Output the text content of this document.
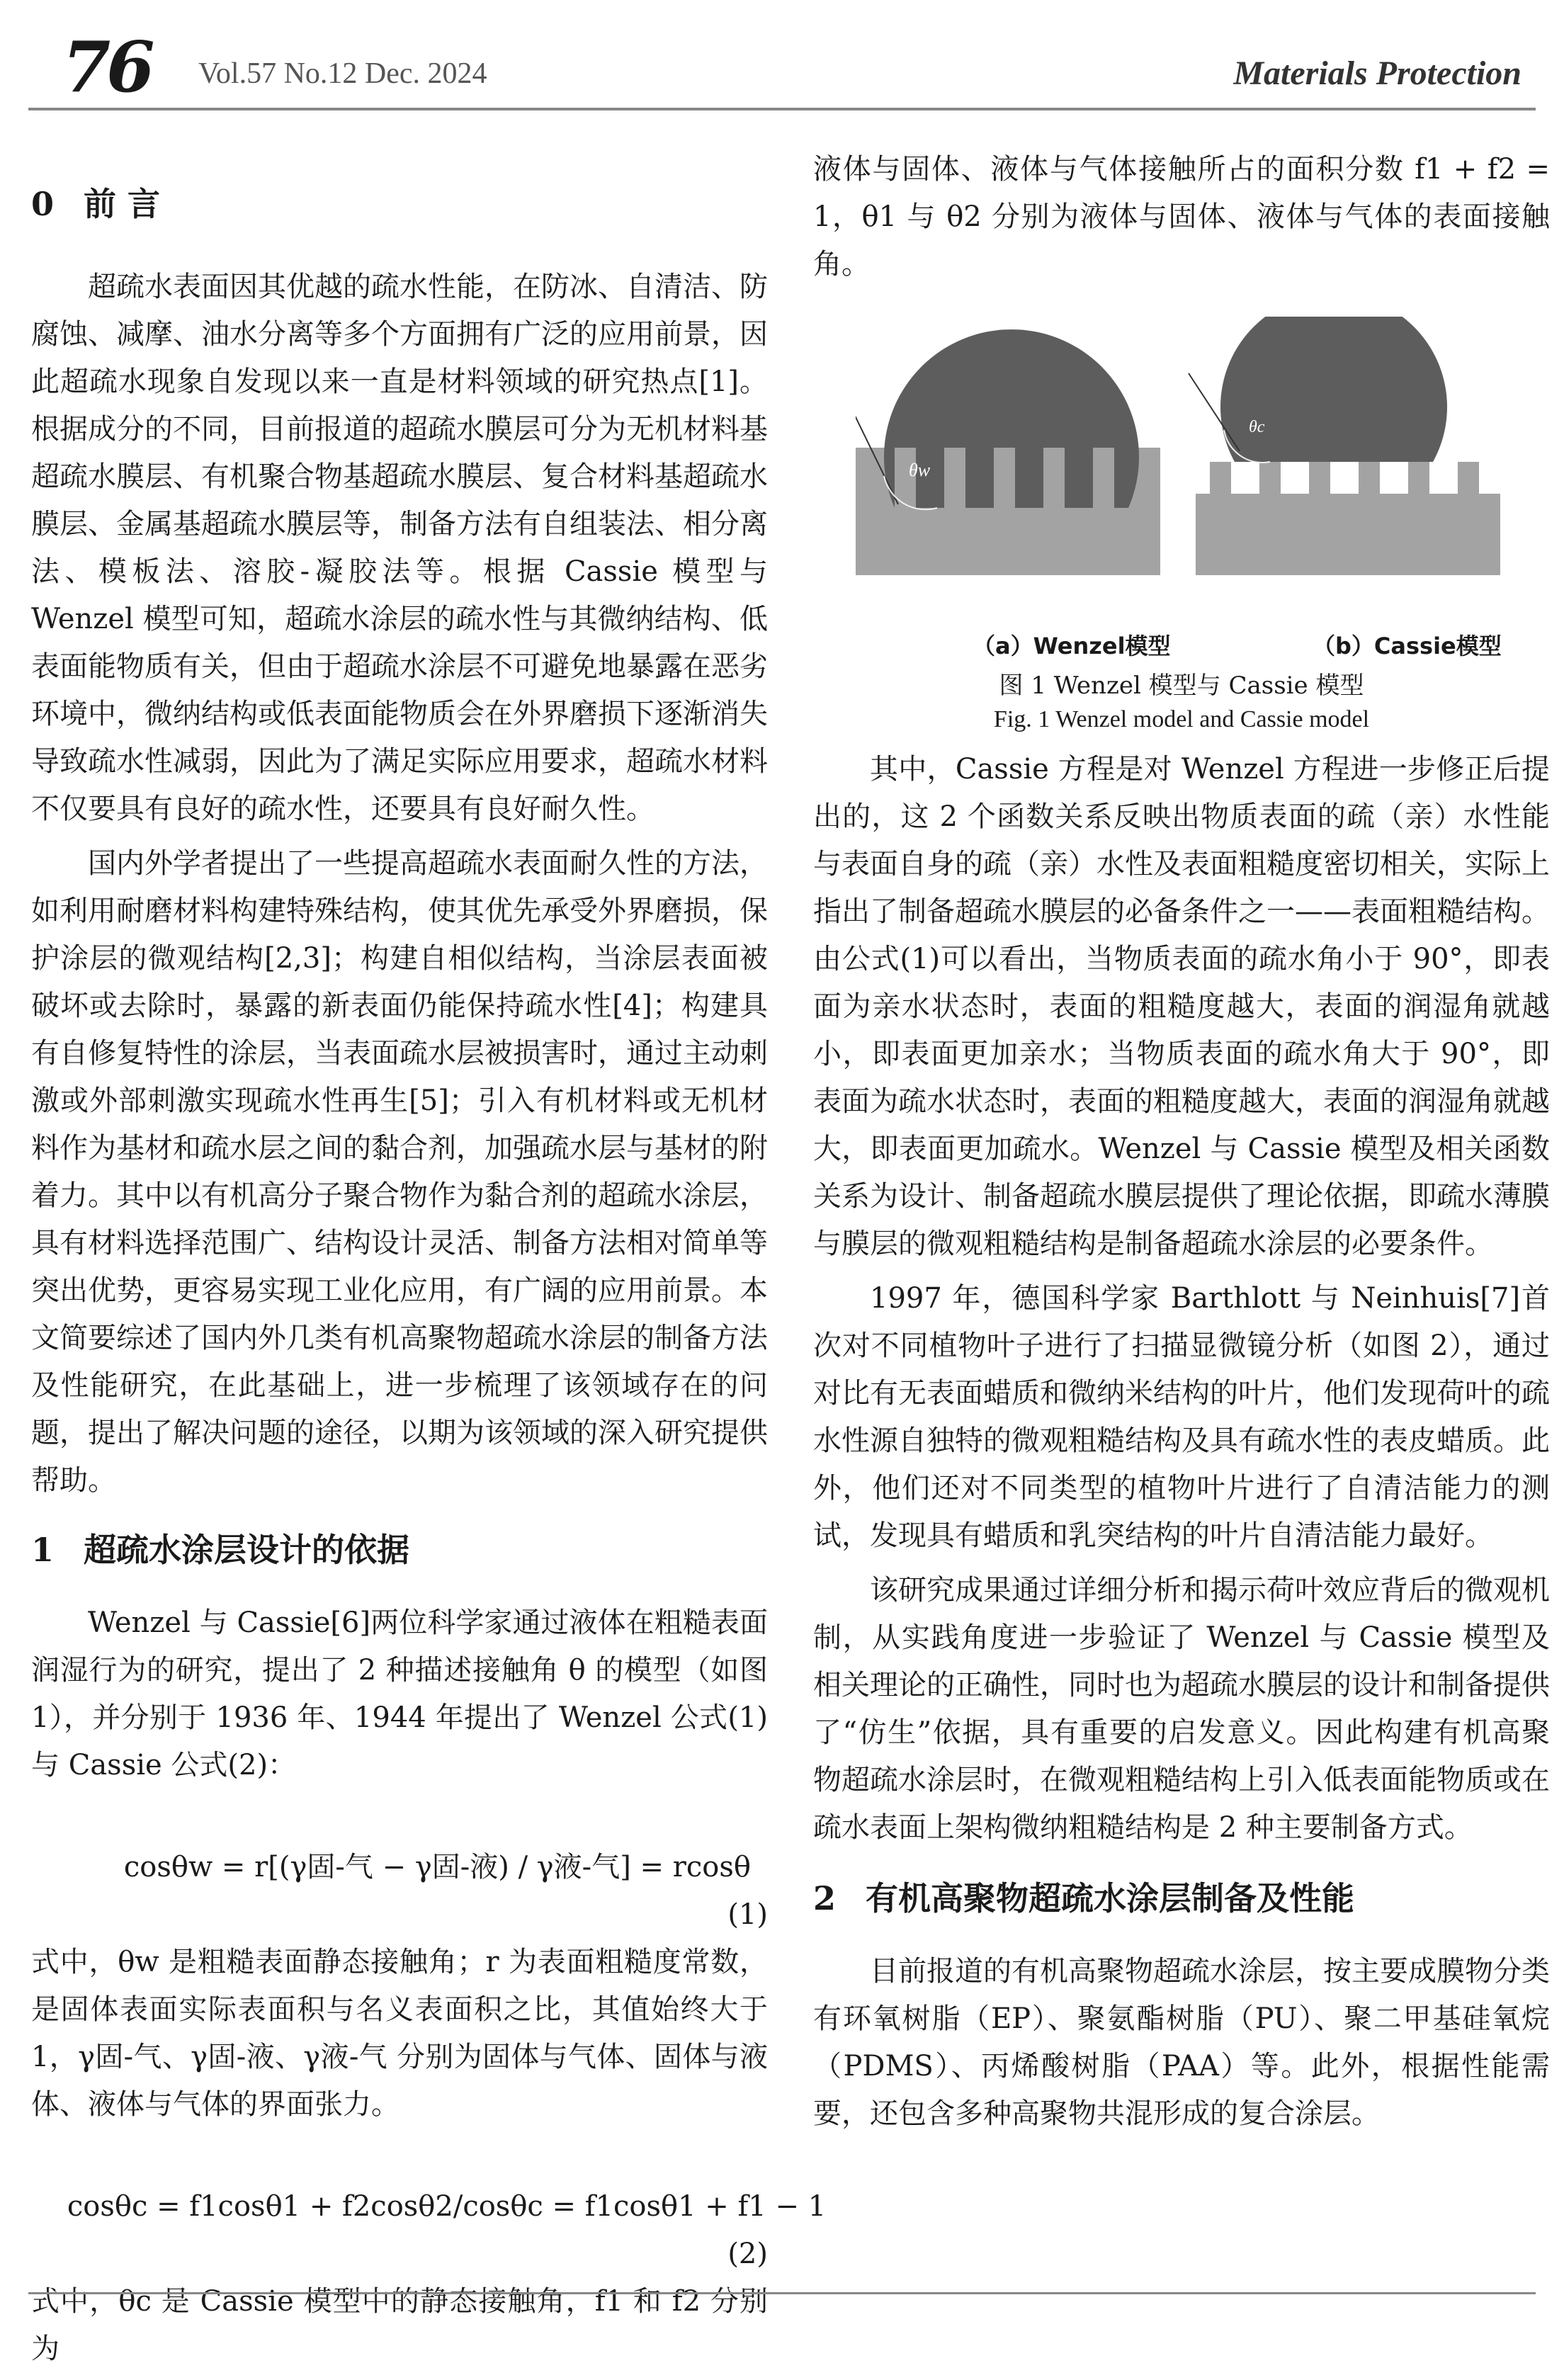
76 Vol.57 No.12 Dec. 2024	Materials Protection
0 前 言

超疏水表面因其优越的疏水性能，在防冰、自清洁、防腐蚀、减摩、油水分离等多个方面拥有广泛的应用前景，因此超疏水现象自发现以来一直是材料领域的研究热点[1]。根据成分的不同，目前报道的超疏水膜层可分为无机材料基超疏水膜层、有机聚合物基超疏水膜层、复合材料基超疏水膜层、金属基超疏水膜层等，制备方法有自组装法、相分离法、模板法、溶胶-凝胶法等。根据 Cassie 模型与 Wenzel 模型可知，超疏水涂层的疏水性与其微纳结构、低表面能物质有关，但由于超疏水涂层不可避免地暴露在恶劣环境中，微纳结构或低表面能物质会在外界磨损下逐渐消失导致疏水性减弱，因此为了满足实际应用要求，超疏水材料不仅要具有良好的疏水性，还要具有良好耐久性。

国内外学者提出了一些提高超疏水表面耐久性的方法，如利用耐磨材料构建特殊结构，使其优先承受外界磨损，保护涂层的微观结构[2,3]；构建自相似结构，当涂层表面被破坏或去除时，暴露的新表面仍能保持疏水性[4]；构建具有自修复特性的涂层，当表面疏水层被损害时，通过主动刺激或外部刺激实现疏水性再生[5]；引入有机材料或无机材料作为基材和疏水层之间的黏合剂，加强疏水层与基材的附着力。其中以有机高分子聚合物作为黏合剂的超疏水涂层，具有材料选择范围广、结构设计灵活、制备方法相对简单等突出优势，更容易实现工业化应用，有广阔的应用前景。本文简要综述了国内外几类有机高聚物超疏水涂层的制备方法及性能研究，在此基础上，进一步梳理了该领域存在的问题，提出了解决问题的途径，以期为该领域的深入研究提供帮助。

1 超疏水涂层设计的依据

Wenzel 与 Cassie[6]两位科学家通过液体在粗糙表面润湿行为的研究，提出了 2 种描述接触角 θ 的模型（如图 1），并分别于 1936 年、1944 年提出了 Wenzel 公式(1)与 Cassie 公式(2)：

cosθw = r[(γ固-气 − γ固-液) / γ液-气] = rcosθ
(1)

式中，θw 是粗糙表面静态接触角；r 为表面粗糙度常数，是固体表面实际表面积与名义表面积之比，其值始终大于 1，γ固-气、γ固-液、γ液-气 分别为固体与气体、固体与液体、液体与气体的界面张力。

cosθc = f1cosθ1 + f2cosθ2/cosθc = f1cosθ1 + f1 − 1
(2)

式中，θc 是 Cassie 模型中的静态接触角，f1 和 f2 分别为

液体与固体、液体与气体接触所占的面积分数 f1 + f2 = 1，θ1 与 θ2 分别为液体与固体、液体与气体的表面接触角。

θw
θc
（a）Wenzel模型	（b）Cassie模型
图 1 Wenzel 模型与 Cassie 模型
Fig. 1 Wenzel model and Cassie model

其中，Cassie 方程是对 Wenzel 方程进一步修正后提出的，这 2 个函数关系反映出物质表面的疏（亲）水性能与表面自身的疏（亲）水性及表面粗糙度密切相关，实际上指出了制备超疏水膜层的必备条件之一——表面粗糙结构。由公式(1)可以看出，当物质表面的疏水角小于 90°，即表面为亲水状态时，表面的粗糙度越大，表面的润湿角就越小，即表面更加亲水；当物质表面的疏水角大于 90°，即表面为疏水状态时，表面的粗糙度越大，表面的润湿角就越大，即表面更加疏水。Wenzel 与 Cassie 模型及相关函数关系为设计、制备超疏水膜层提供了理论依据，即疏水薄膜与膜层的微观粗糙结构是制备超疏水涂层的必要条件。

1997 年，德国科学家 Barthlott 与 Neinhuis[7]首次对不同植物叶子进行了扫描显微镜分析（如图 2），通过对比有无表面蜡质和微纳米结构的叶片，他们发现荷叶的疏水性源自独特的微观粗糙结构及具有疏水性的表皮蜡质。此外，他们还对不同类型的植物叶片进行了自清洁能力的测试，发现具有蜡质和乳突结构的叶片自清洁能力最好。

该研究成果通过详细分析和揭示荷叶效应背后的微观机制，从实践角度进一步验证了 Wenzel 与 Cassie 模型及相关理论的正确性，同时也为超疏水膜层的设计和制备提供了“仿生”依据，具有重要的启发意义。因此构建有机高聚物超疏水涂层时，在微观粗糙结构上引入低表面能物质或在疏水表面上架构微纳粗糙结构是 2 种主要制备方式。

2 有机高聚物超疏水涂层制备及性能

目前报道的有机高聚物超疏水涂层，按主要成膜物分类有环氧树脂（EP）、聚氨酯树脂（PU）、聚二甲基硅氧烷（PDMS）、丙烯酸树脂（PAA）等。此外，根据性能需要，还包含多种高聚物共混形成的复合涂层。
